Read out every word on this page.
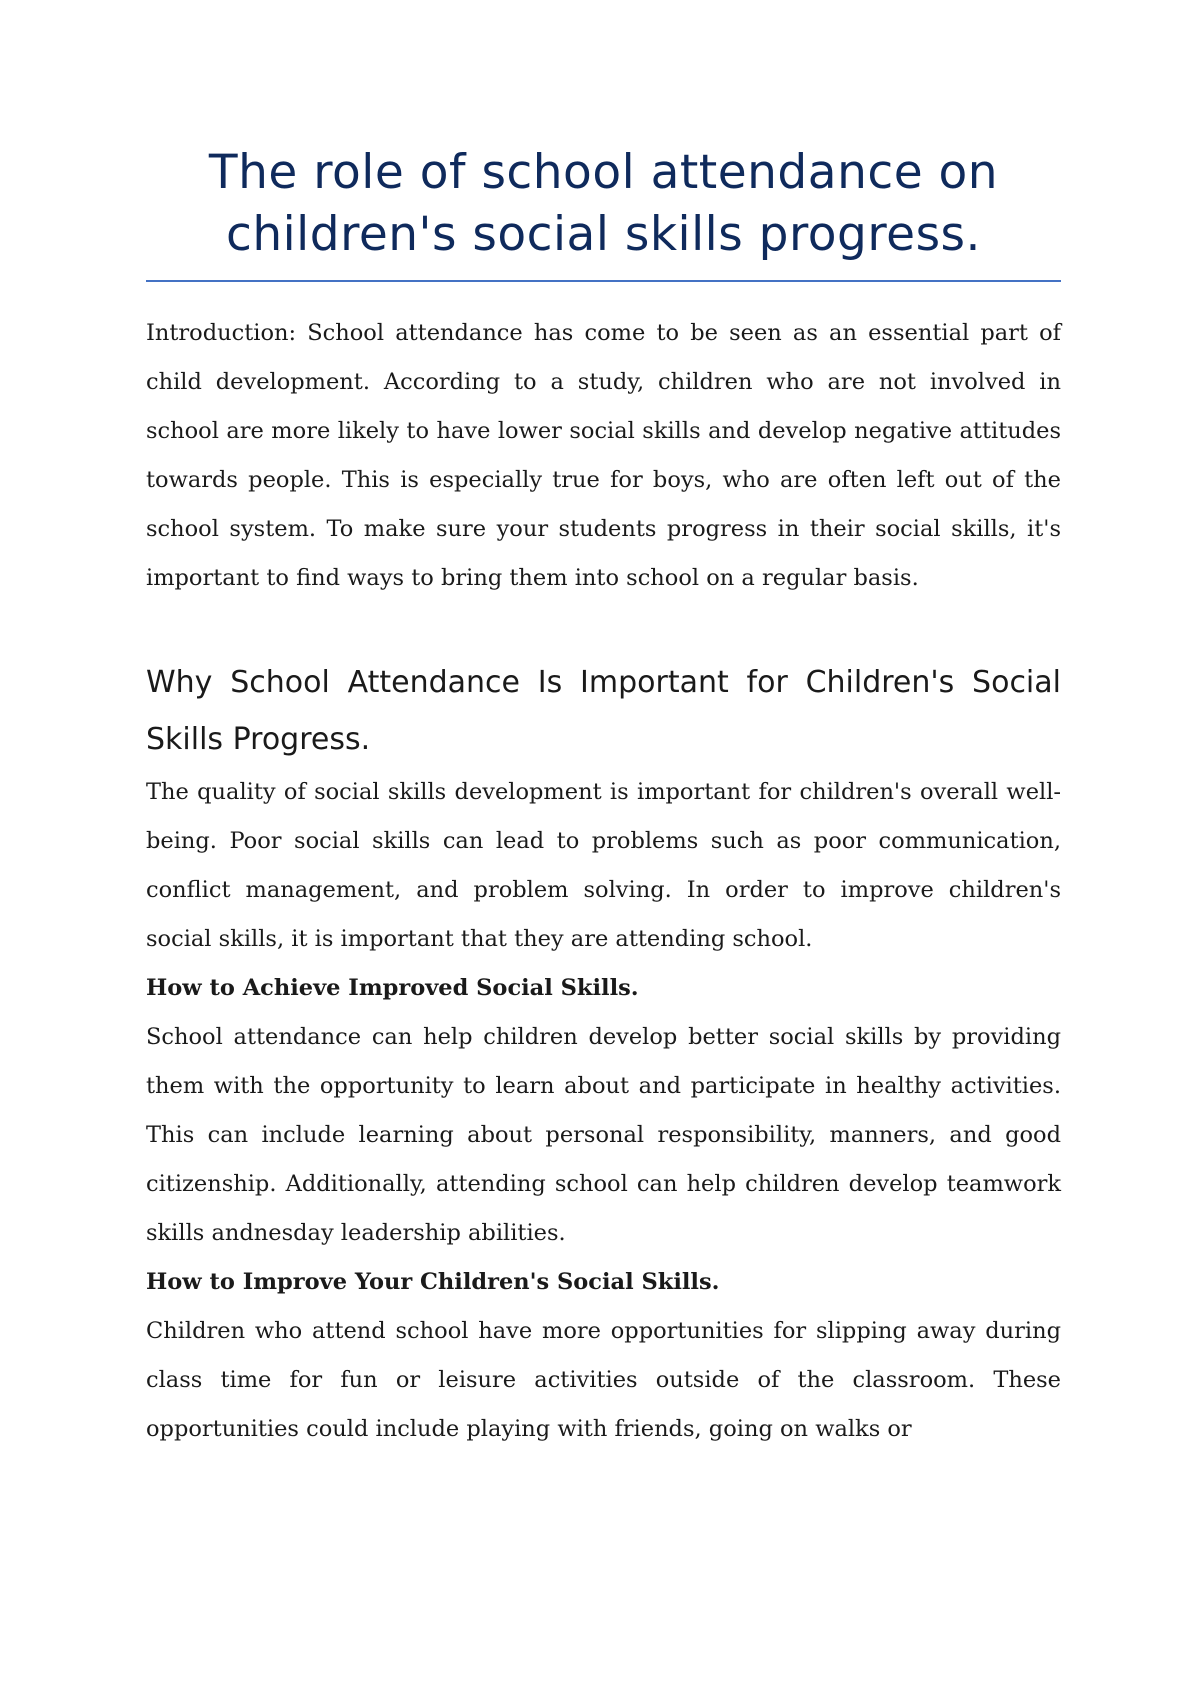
The role of school attendance on children's social skills progress.

Introduction: School attendance has come to be seen as an essential part of child development. According to a study, children who are not involved in school are more likely to have lower social skills and develop negative attitudes towards people. This is especially true for boys, who are often left out of the school system. To make sure your students progress in their social skills, it's important to find ways to bring them into school on a regular basis.

Why School Attendance Is Important for Children's Social Skills Progress.

The quality of social skills development is important for children's overall well-being. Poor social skills can lead to problems such as poor communication, conflict management, and problem solving. In order to improve children's social skills, it is important that they are attending school.

How to Achieve Improved Social Skills.

School attendance can help children develop better social skills by providing them with the opportunity to learn about and participate in healthy activities. This can include learning about personal responsibility, manners, and good citizenship. Additionally, attending school can help children develop teamwork skills andnesday leadership abilities.

How to Improve Your Children's Social Skills.

Children who attend school have more opportunities for slipping away during class time for fun or leisure activities outside of the classroom. These opportunities could include playing with friends, going on walks or
